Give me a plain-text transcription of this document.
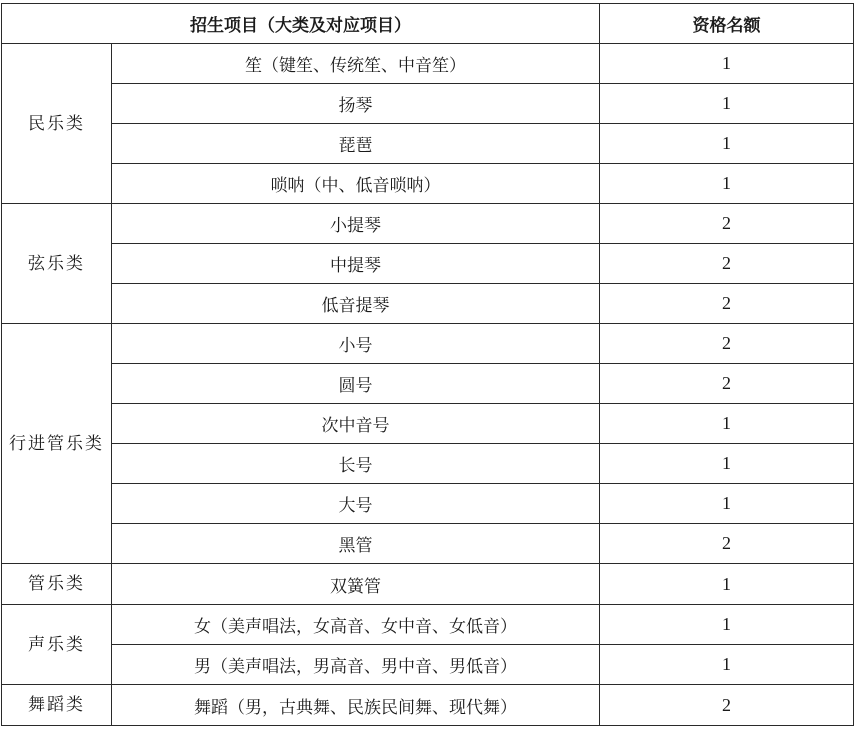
招生项目（大类及对应项目）		资格名额
民乐类	笙（键笙、传统笙、中音笙）	1
	扬琴	1
	琵琶	1
	唢呐（中、低音唢呐）	1
弦乐类	小提琴	2
	中提琴	2
	低音提琴	2
行进管乐类	小号	2
	圆号	2
	次中音号	1
	长号	1
	大号	1
	黑管	2
管乐类	双簧管	1
声乐类	女（美声唱法，女高音、女中音、女低音）	1
	男（美声唱法，男高音、男中音、男低音）	1
舞蹈类	舞蹈（男，古典舞、民族民间舞、现代舞）	2
